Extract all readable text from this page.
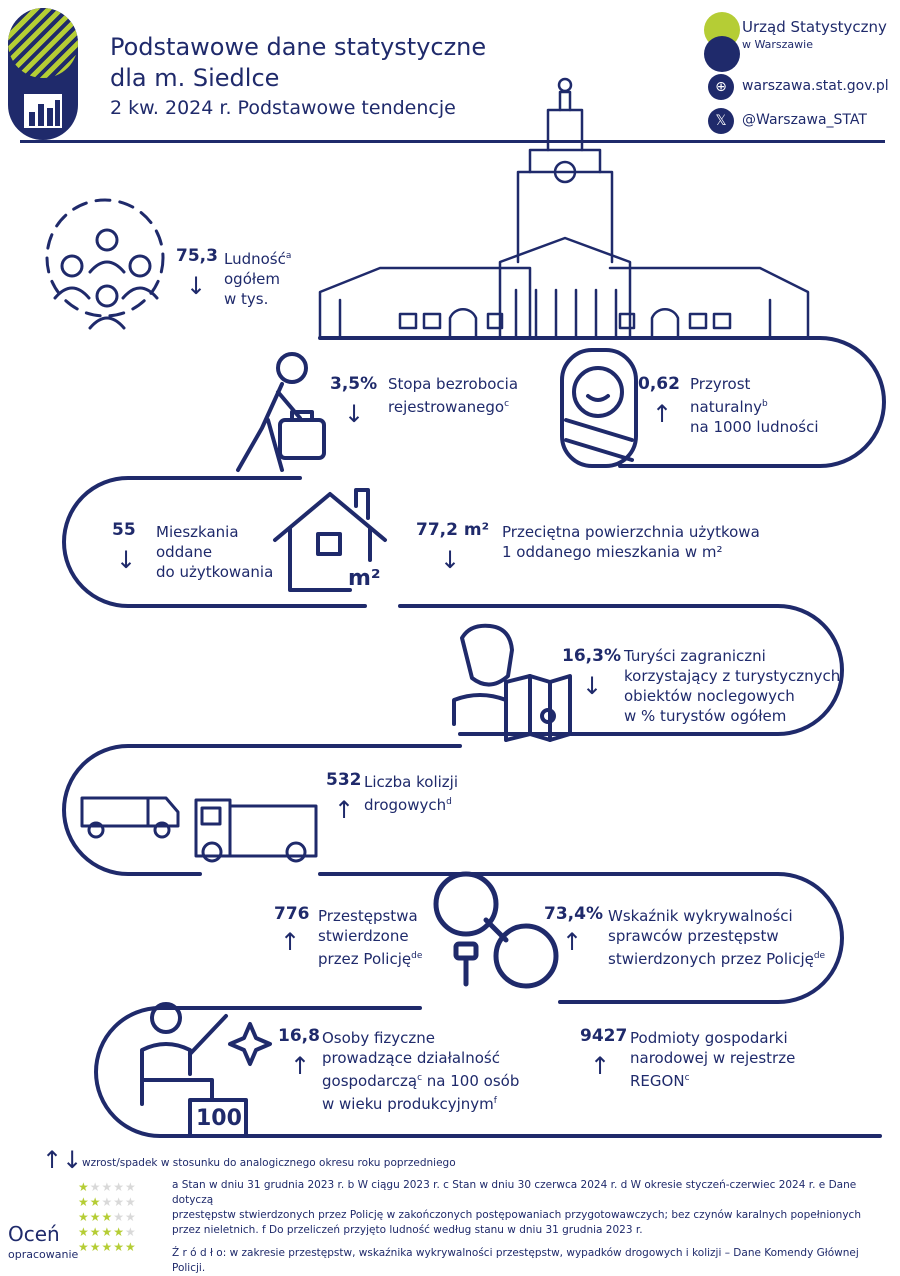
Podstawowe dane statystyczne
dla m. Siedlce
2 kw. 2024 r. Podstawowe tendencje
Urząd Statystyczny
w Warszawie
⊕	warszawa.stat.gov.pl
𝕏	@Warszawa_STAT
m²
100
75,3
↓
Ludność$^a$
ogółem
w tys.
3,5%
↓
Stopa bezrobocia
rejestrowanego$^c$
0,62
↑
Przyrost
naturalny$^b$
na 1000 ludności
55
↓
Mieszkania
oddane
do użytkowania
77,2 m²
↓
Przeciętna powierzchnia użytkowa
1 oddanego mieszkania w m²
16,3%
↓
Turyści zagraniczni
korzystający z turystycznych
obiektów noclegowych
w % turystów ogółem
532
↑
Liczba kolizji
drogowych$^d$
776
↑
Przestępstwa
stwierdzone
przez Policję$^{de}$
73,4%
↑
Wskaźnik wykrywalności
sprawców przestępstw
stwierdzonych przez Policję$^{de}$
16,8
↑
Osoby fizyczne
prowadzące działalność
gospodarczą$^c$ na 100 osób
w wieku produkcyjnym$^f$
9427
↑
Podmioty gospodarki
narodowej w rejestrze
REGON$^c$
↑↓ wzrost/spadek w stosunku do analogicznego okresu roku poprzedniego
★★★★★
★★★★★
★★★★★
★★★★★
★★★★★
Oceń
opracowanie
a Stan w dniu 31 grudnia 2023 r. b W ciągu 2023 r. c Stan w dniu 30 czerwca 2024 r. d W okresie styczeń-czerwiec 2024 r. e Dane dotyczą
przestępstw stwierdzonych przez Policję w zakończonych postępowaniach przygotowawczych; bez czynów karalnych popełnionych
przez nieletnich. f Do przeliczeń przyjęto ludność według stanu w dniu 31 grudnia 2023 r.
Ź r ó d ł o: w zakresie przestępstw, wskaźnika wykrywalności przestępstw, wypadków drogowych i kolizji – Dane Komendy Głównej Policji.
